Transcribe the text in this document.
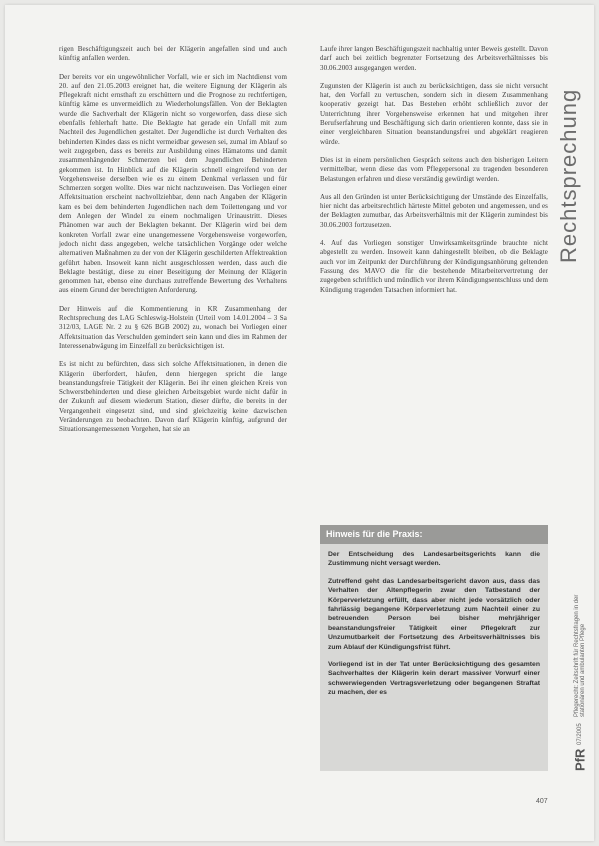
rigen Beschäftigungszeit auch bei der Klägerin angefallen sind und auch künftig anfallen werden.

Der bereits vor ein ungewöhnlicher Vorfall, wie er sich im Nachtdienst vom 20. auf den 21.05.2003 ereignet hat, die weitere Eignung der Klägerin als Pflegekraft nicht ernsthaft zu erschüttern und die Prognose zu rechtfertigen, künftig käme es unvermeidlich zu Wiederholungsfällen. Von der Beklagten wurde die Sachverhalt der Klägerin nicht so vorgeworfen, dass diese sich ebenfalls fehlerhaft hatte. Die Beklagte hat gerade ein Unfall mit zum Nachteil des Jugendlichen gestaltet. Der Jugendliche ist durch Verhalten des behinderten Kindes dass es nicht vermeidbar gewesen sei, zumal im Ablauf so weit zugegeben, dass es bereits zur Ausbildung eines Hämatoms und damit zusammenhängender Schmerzen bei dem Jugendlichen Behinderten gekommen ist. In Hinblick auf die Klägerin schnell eingreifend von der Vorgehensweise derselben wie es zu einem Denkmal verlassen und für Schmerzen sorgen wollte. Dies war nicht nachzuweisen. Das Vorliegen einer Affektsituation erscheint nachvollziehbar, denn nach Angaben der Klägerin kam es bei dem behinderten Jugendlichen nach dem Toilettengang und vor dem Anlegen der Windel zu einem nochmaligen Urinaustritt. Dieses Phänomen war auch der Beklagten bekannt. Der Klägerin wird bei dem konkreten Vorfall zwar eine unangemessene Vorgehensweise vorgeworfen, jedoch nicht dass angegeben, welche tatsächlichen Vorgänge oder welche alternativen Maßnahmen zu der von der Klägerin geschilderten Affektreaktion geführt haben. Insoweit kann nicht ausgeschlossen werden, dass auch die Beklagte bestätigt, diese zu einer Beseitigung der Meinung der Klägerin genommen hat, ebenso eine durchaus zutreffende Bewertung des Verhaltens aus einem Grund der berechtigten Anforderung.

Der Hinweis auf die Kommentierung in KR Zusammenhang der Rechtsprechung des LAG Schleswig-Holstein (Urteil vom 14.01.2004 – 3 Sa 312/03, LAGE Nr. 2 zu § 626 BGB 2002) zu, wonach bei Vorliegen einer Affektsituation das Verschulden gemindert sein kann und dies im Rahmen der Interessenabwägung im Einzelfall zu berücksichtigen ist.

Es ist nicht zu befürchten, dass sich solche Affektsituationen, in denen die Klägerin überfordert, häufen, denn hiergegen spricht die lange beanstandungsfreie Tätigkeit der Klägerin. Bei ihr einen gleichen Kreis von Schwerstbehinderten und diese gleichen Arbeitsgebiet wurde nicht dafür in der Zukunft auf diesem wiederum Station, dieser dürfte, die bereits in der Vergangenheit eingesetzt sind, und sind gleichzeitig keine dazwischen Veränderungen zu beobachten. Davon darf Klägerin künftig, aufgrund der Situationsangemessenen Vorgehen, hat sie an

Laufe ihrer langen Beschäftigungszeit nachhaltig unter Beweis gestellt. Davon darf auch bei zeitlich begrenzter Fortsetzung des Arbeitsverhältnisses bis 30.06.2003 ausgegangen werden.

Zugunsten der Klägerin ist auch zu berücksichtigen, dass sie nicht versucht hat, den Vorfall zu vertuschen, sondern sich in diesem Zusammenhang kooperativ gezeigt hat. Das Bestehen erhöht schließlich zuvor der Unterrichtung ihrer Vorgehensweise erkennen hat und mitgehen ihrer Berufserfahrung und Beschäftigung sich darin orientieren konnte, dass sie in einer vergleichbaren Situation beanstandungsfrei und abgeklärt reagieren würde.

Dies ist in einem persönlichen Gespräch seitens auch den bisherigen Leitern vermittelbar, wenn diese das vom Pflegepersonal zu tragenden besonderen Belastungen erfahren und diese verständig gewürdigt werden.

Aus all den Gründen ist unter Berücksichtigung der Umstände des Einzelfalls, hier nicht das arbeitsrechtlich härteste Mittel geboten und angemessen, und es der Beklagten zumutbar, das Arbeitsverhältnis mit der Klägerin zumindest bis 30.06.2003 fortzusetzen.

4. Auf das Vorliegen sonstiger Unwirksamkeitsgründe brauchte nicht abgestellt zu werden. Insoweit kann dahingestellt bleiben, ob die Beklagte auch vor im Zeitpunkt der Durchführung der Kündigungsanhörung geltenden Fassung des MAVO die für die bestehende Mitarbeitervertretung der zugegeben schriftlich und mündlich vor ihrem Kündigungsentschluss und dem Kündigung tragenden Tatsachen informiert hat.

Rechtsprechung
Hinweis für die Praxis:

Der Entscheidung des Landesarbeitsgerichts kann die Zustimmung nicht versagt werden.

Zutreffend geht das Landesarbeitsgericht davon aus, dass das Verhalten der Altenpflegerin zwar den Tatbestand der Körperverletzung erfüllt, dass aber nicht jede vorsätzlich oder fahrlässig begangene Körperverletzung zum Nachteil einer zu betreuenden Person bei bisher mehrjähriger beanstandungsfreier Tätigkeit einer Pflegekraft zur Unzumutbarkeit der Fortsetzung des Arbeitsverhältnisses bis zum Ablauf der Kündigungsfrist führt.

Vorliegend ist in der Tat unter Berücksichtigung des gesamten Sachverhaltes der Klägerin kein derart massiver Vorwurf einer schwerwiegenden Vertragsverletzung oder begangenen Straftat zu machen, der es

PfR
07/2005
Pflegerecht: Zeitschrift für Rechtsfragen in der stationären und ambulanten Pflege
407
